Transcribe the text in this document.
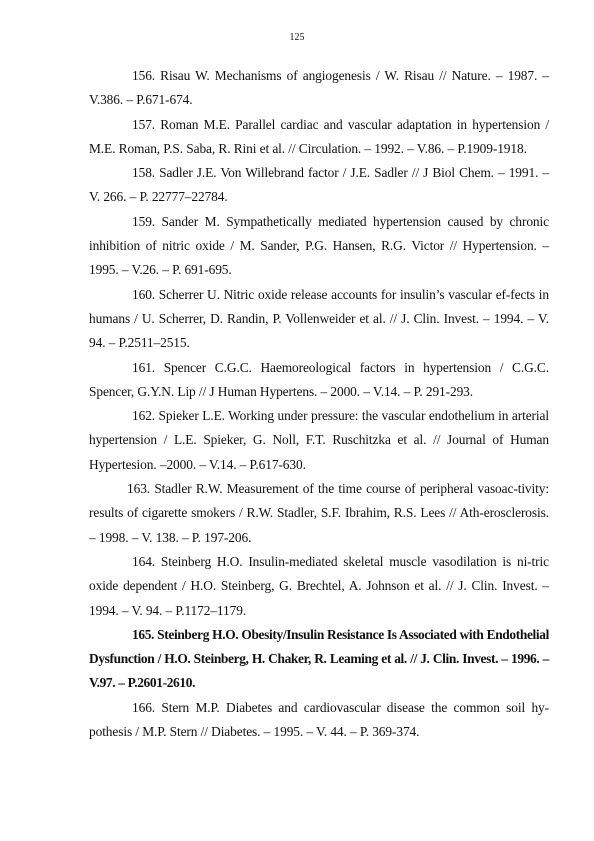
125

156. Risau W. Mechanisms of angiogenesis / W. Risau // Nature. – 1987. – V.386. – P.671-674.

157. Roman M.E. Parallel cardiac and vascular adaptation in hypertension / M.E. Roman, P.S. Saba, R. Rini et al. // Circulation. – 1992. – V.86. – P.1909-1918.

158. Sadler J.E. Von Willebrand factor / J.E. Sadler // J Biol Chem. – 1991. – V. 266. – P. 22777–22784.

159. Sander M. Sympathetically mediated hypertension caused by chronic inhibition of nitric oxide / M. Sander, P.G. Hansen, R.G. Victor // Hypertension. – 1995. – V.26. – P. 691-695.

160. Scherrer U. Nitric oxide release accounts for insulin’s vascular ef-fects in humans / U. Scherrer, D. Randin, P. Vollenweider et al. // J. Clin. Invest. – 1994. – V. 94. – P.2511–2515.

161. Spencer C.G.C. Haemoreological factors in hypertension / C.G.C. Spencer, G.Y.N. Lip // J Human Hypertens. – 2000. – V.14. – P. 291-293.

162. Spieker L.E. Working under pressure: the vascular endothelium in arterial hypertension / L.E. Spieker, G. Noll, F.T. Ruschitzka et al. // Journal of Human Hypertesion. –2000. – V.14. – P.617-630.

163. Stadler R.W. Measurement of the time course of peripheral vasoac-tivity: results of cigarette smokers / R.W. Stadler, S.F. Ibrahim, R.S. Lees // Ath-erosclerosis. – 1998. – V. 138. – P. 197-206.

164. Steinberg H.O. Insulin-mediated skeletal muscle vasodilation is ni-tric oxide dependent / H.O. Steinberg, G. Brechtel, A. Johnson et al. // J. Clin. Invest. – 1994. – V. 94. – P.1172–1179.

165. Steinberg H.O. Obesity/Insulin Resistance Is Associated with Endothelial Dysfunction / H.O. Steinberg, H. Chaker, R. Leaming et al. // J. Clin. Invest. – 1996. – V.97. – P.2601-2610.

166. Stern M.P. Diabetes and cardiovascular disease the common soil hy-pothesis / M.P. Stern // Diabetes. – 1995. – V. 44. – P. 369-374.
